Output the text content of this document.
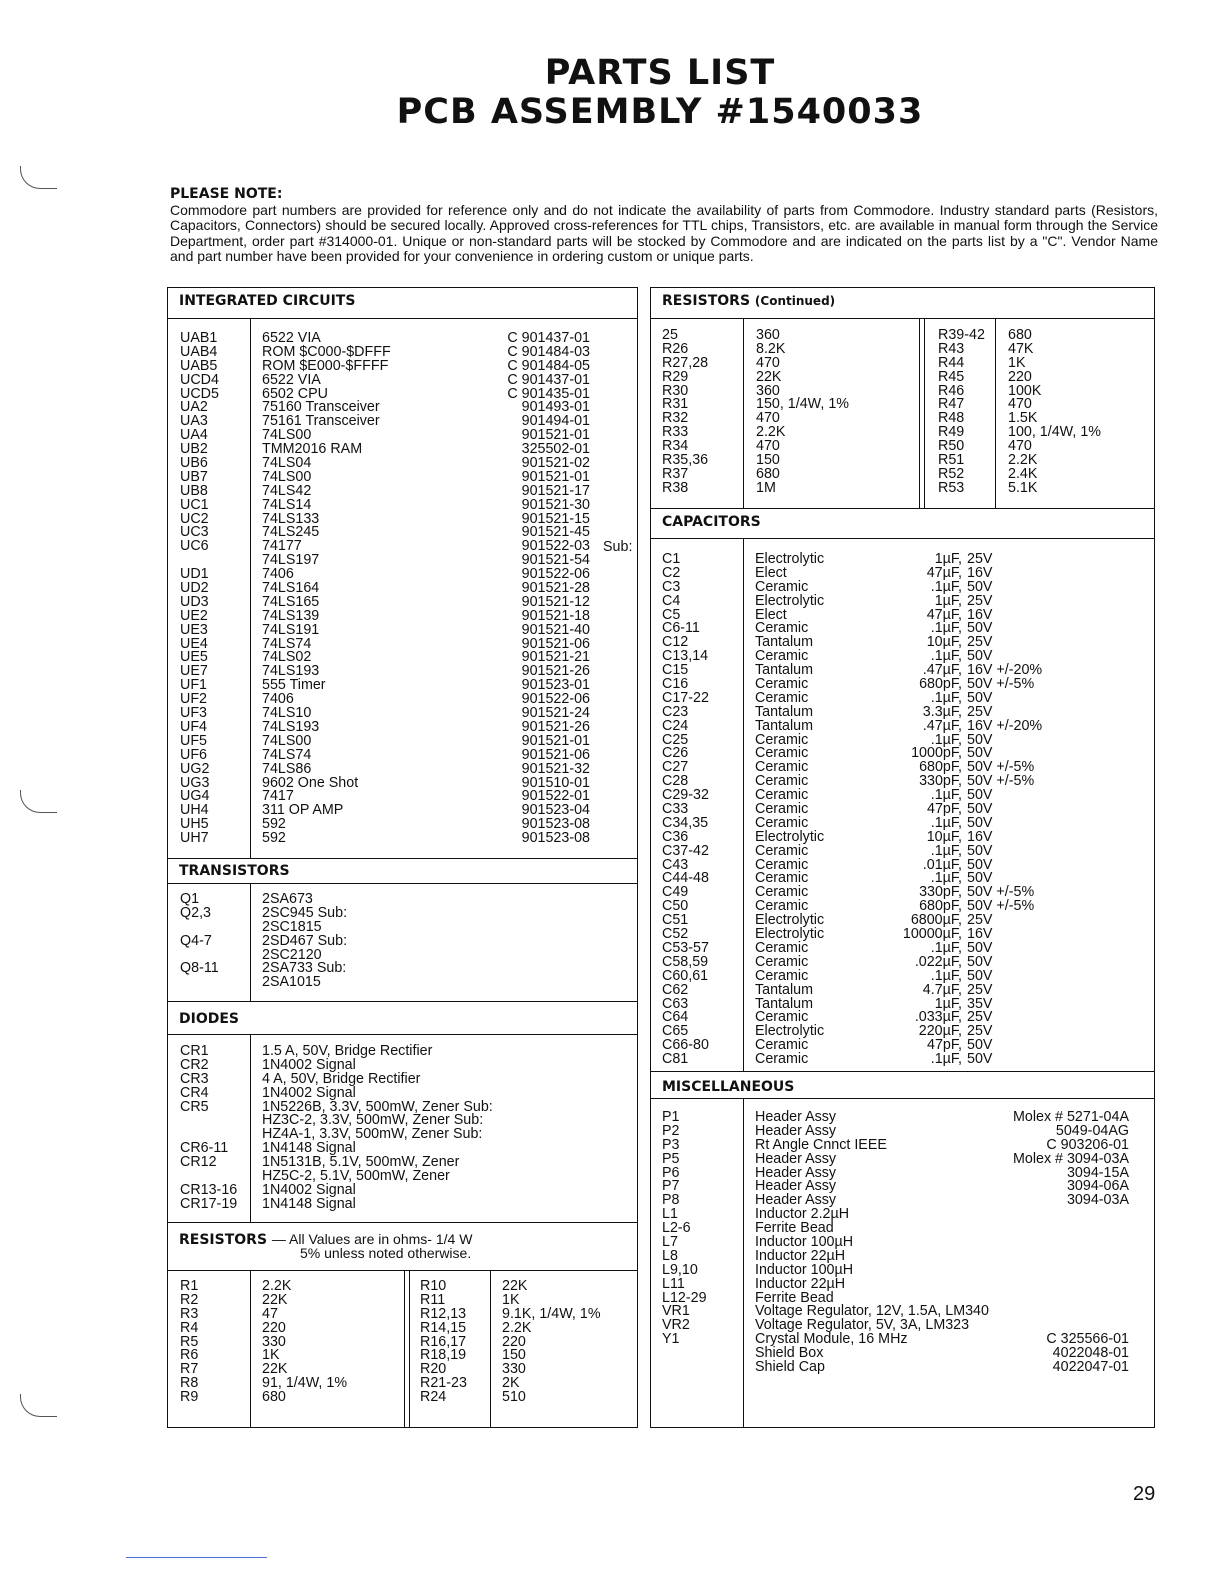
PARTS LIST
PCB ASSEMBLY #1540033
PLEASE NOTE:
Commodore part numbers are provided for reference only and do not indicate the availability of parts from Commodore. Industry standard parts (Resistors, Capacitors, Connectors) should be secured locally. Approved cross-references for TTL chips, Transistors, etc. are available in manual form through the Service Department, order part #314000-01. Unique or non-standard parts will be stocked by Commodore and are indicated on the parts list by a "C". Vendor Name and part number have been provided for your convenience in ordering custom or unique parts.
INTEGRATED CIRCUITS
UAB1
UAB4
UAB5
UCD4
UCD5
UA2
UA3
UA4
UB2
UB6
UB7
UB8
UC1
UC2
UC3
UC6
UD1
UD2
UD3
UE2
UE3
UE4
UE5
UE7
UF1
UF2
UF3
UF4
UF5
UF6
UG2
UG3
UG4
UH4
UH5
UH7
6522 VIA
ROM $C000-$DFFF
ROM $E000-$FFFF
6522 VIA
6502 CPU
75160 Transceiver
75161 Transceiver
74LS00
TMM2016 RAM
74LS04
74LS00
74LS42
74LS14
74LS133
74LS245
74177
74LS197
7406
74LS164
74LS165
74LS139
74LS191
74LS74
74LS02
74LS193
555 Timer
7406
74LS10
74LS193
74LS00
74LS74
74LS86
9602 One Shot
7417
311 OP AMP
592
592
C 901437-01
C 901484-03
C 901484-05
C 901437-01
C 901435-01
901493-01
901494-01
901521-01
325502-01
901521-02
901521-01
901521-17
901521-30
901521-15
901521-45
901522-03
901521-54
901522-06
901521-28
901521-12
901521-18
901521-40
901521-06
901521-21
901521-26
901523-01
901522-06
901521-24
901521-26
901521-01
901521-06
901521-32
901510-01
901522-01
901523-04
901523-08
901523-08
Sub:
TRANSISTORS
Q1
Q2,3
Q4-7
Q8-11
2SA673
2SC945 Sub:
2SC1815
2SD467 Sub:
2SC2120
2SA733 Sub:
2SA1015
DIODES
CR1
CR2
CR3
CR4
CR5
CR6-11
CR12
CR13-16
CR17-19
1.5 A, 50V, Bridge Rectifier
1N4002 Signal
4 A, 50V, Bridge Rectifier
1N4002 Signal
1N5226B, 3.3V, 500mW, Zener Sub:
HZ3C-2, 3.3V, 500mW, Zener Sub:
HZ4A-1, 3.3V, 500mW, Zener Sub:
1N4148 Signal
1N5131B, 5.1V, 500mW, Zener
HZ5C-2, 5.1V, 500mW, Zener
1N4002 Signal
1N4148 Signal
RESISTORS — All Values are in ohms- 1/4 W
5% unless noted otherwise.
R1
R2
R3
R4
R5
R6
R7
R8
R9
2.2K
22K
47
220
330
1K
22K
91, 1/4W, 1%
680
R10
R11
R12,13
R14,15
R16,17
R18,19
R20
R21-23
R24
22K
1K
9.1K, 1/4W, 1%
2.2K
220
150
330
2K
510
RESISTORS (Continued)
25
R26
R27,28
R29
R30
R31
R32
R33
R34
R35,36
R37
R38
360
8.2K
470
22K
360
150, 1/4W, 1%
470
2.2K
470
150
680
1M
R39-42
R43
R44
R45
R46
R47
R48
R49
R50
R51
R52
R53
680
47K
1K
220
100K
470
1.5K
100, 1/4W, 1%
470
2.2K
2.4K
5.1K
CAPACITORS
C1
C2
C3
C4
C5
C6-11
C12
C13,14
C15
C16
C17-22
C23
C24
C25
C26
C27
C28
C29-32
C33
C34,35
C36
C37-42
C43
C44-48
C49
C50
C51
C52
C53-57
C58,59
C60,61
C62
C63
C64
C65
C66-80
C81
Electrolytic
Elect
Ceramic
Electrolytic
Elect
Ceramic
Tantalum
Ceramic
Tantalum
Ceramic
Ceramic
Tantalum
Tantalum
Ceramic
Ceramic
Ceramic
Ceramic
Ceramic
Ceramic
Ceramic
Electrolytic
Ceramic
Ceramic
Ceramic
Ceramic
Ceramic
Electrolytic
Electrolytic
Ceramic
Ceramic
Ceramic
Tantalum
Tantalum
Ceramic
Electrolytic
Ceramic
Ceramic
1µF,
47µF,
.1µF,
1µF,
47µF,
.1µF,
10µF,
.1µF,
.47µF,
680pF,
.1µF,
3.3µF,
.47µF,
.1µF,
1000pF,
680pF,
330pF,
.1µF,
47pF,
.1µF,
10µF,
.1µF,
.01µF,
.1µF,
330pF,
680pF,
6800µF,
10000µF,
.1µF,
.022µF,
.1µF,
4.7µF,
1µF,
.033µF,
220µF,
47pF,
.1µF,
25V
16V
50V
25V
16V
50V
25V
50V
16V +/-20%
50V +/-5%
50V
25V
16V +/-20%
50V
50V
50V +/-5%
50V +/-5%
50V
50V
50V
16V
50V
50V
50V
50V +/-5%
50V +/-5%
25V
16V
50V
50V
50V
25V
35V
25V
25V
50V
50V
MISCELLANEOUS
P1
P2
P3
P5
P6
P7
P8
L1
L2-6
L7
L8
L9,10
L11
L12-29
VR1
VR2
Y1
Header Assy
Header Assy
Rt Angle Cnnct IEEE
Header Assy
Header Assy
Header Assy
Header Assy
Inductor 2.2µH
Ferrite Bead
Inductor 100µH
Inductor 22µH
Inductor 100µH
Inductor 22µH
Ferrite Bead
Voltage Regulator, 12V, 1.5A, LM340
Voltage Regulator, 5V, 3A, LM323
Crystal Module, 16 MHz
Shield Box
Shield Cap
Molex # 5271-04A
5049-04AG
C 903206-01
Molex # 3094-03A
3094-15A
3094-06A
3094-03A
C 325566-01
4022048-01
4022047-01
29
